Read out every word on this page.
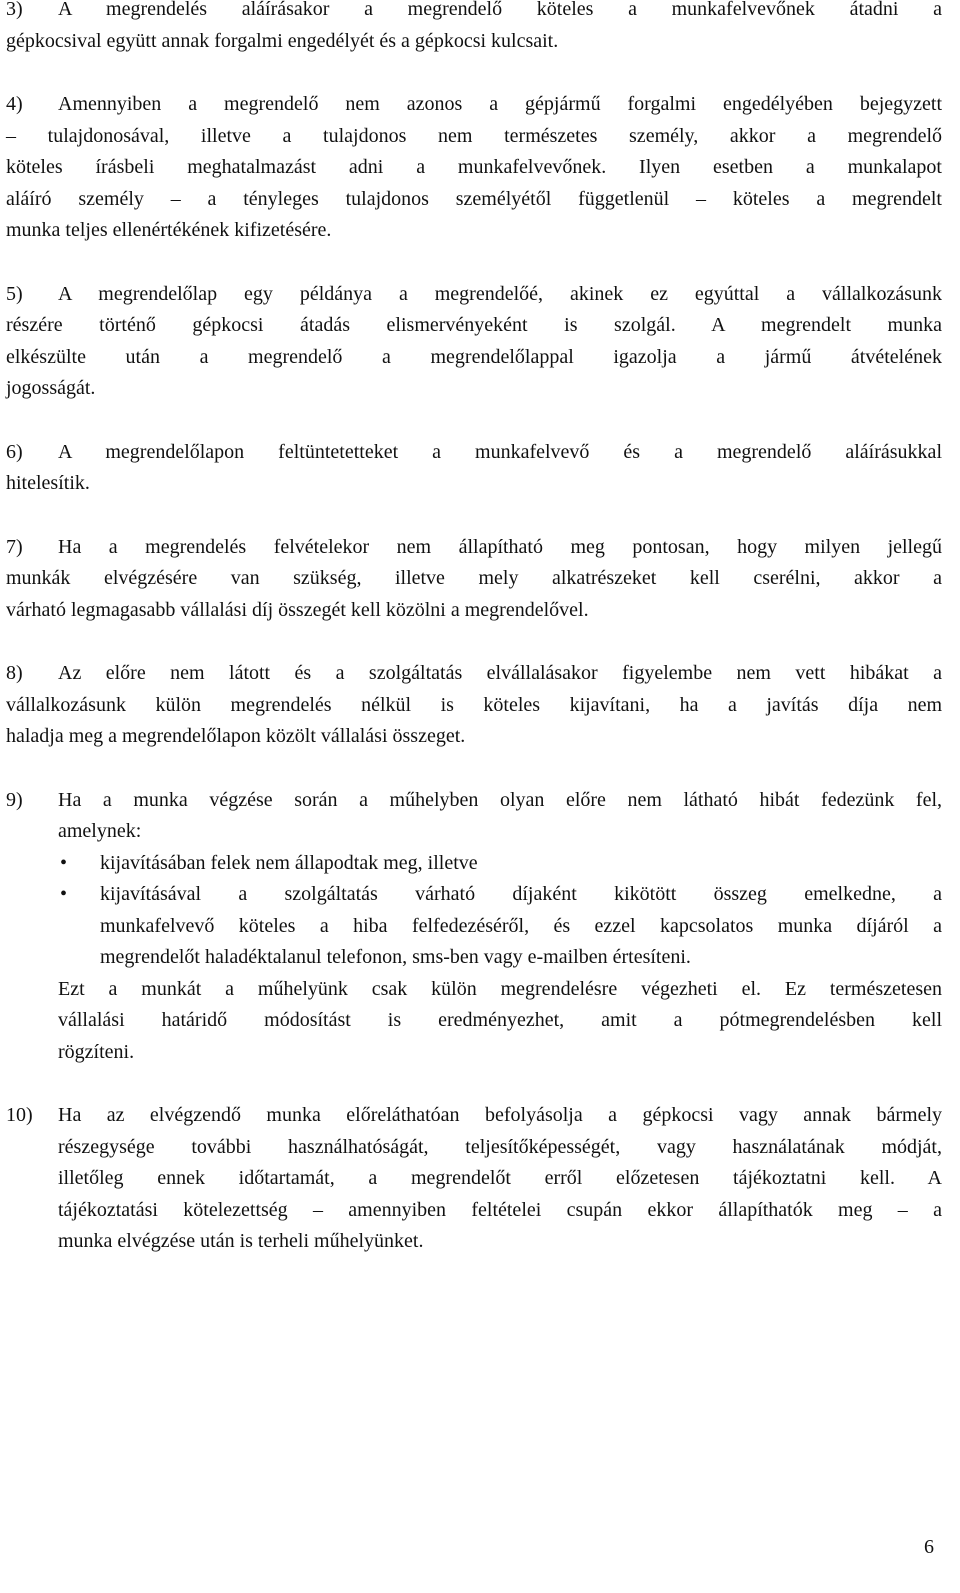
3)	A megrendelés aláírásakor a megrendelő köteles a munkafelvevőnek átadni a
gépkocsival együtt annak forgalmi engedélyét és a gépkocsi kulcsait.
4)	Amennyiben a megrendelő nem azonos a gépjármű forgalmi engedélyében bejegyzett
– tulajdonosával, illetve a tulajdonos nem természetes személy, akkor a megrendelő
köteles írásbeli meghatalmazást adni a munkafelvevőnek. Ilyen esetben a munkalapot
aláíró személy – a tényleges tulajdonos személyétől függetlenül – köteles a megrendelt
munka teljes ellenértékének kifizetésére.
5)	A megrendelőlap egy példánya a megrendelőé, akinek ez egyúttal a vállalkozásunk
részére történő gépkocsi átadás elismervényeként is szolgál. A megrendelt munka
elkészülte után a megrendelő a megrendelőlappal igazolja a jármű átvételének
jogosságát.
6)	A megrendelőlapon feltüntetetteket a munkafelvevő és a megrendelő aláírásukkal
hitelesítik.
7)	Ha a megrendelés felvételekor nem állapítható meg pontosan, hogy milyen jellegű
munkák elvégzésére van szükség, illetve mely alkatrészeket kell cserélni, akkor a
várható legmagasabb vállalási díj összegét kell közölni a megrendelővel.
8)	Az előre nem látott és a szolgáltatás elvállalásakor figyelembe nem vett hibákat a
vállalkozásunk külön megrendelés nélkül is köteles kijavítani, ha a javítás díja nem
haladja meg a megrendelőlapon közölt vállalási összeget.
9)	Ha a munka végzése során a műhelyben olyan előre nem látható hibát fedezünk fel,
amelynek:
•	kijavításában felek nem állapodtak meg, illetve
•	kijavításával a szolgáltatás várható díjaként kikötött összeg emelkedne, a
munkafelvevő köteles a hiba felfedezéséről, és ezzel kapcsolatos munka díjáról a
megrendelőt haladéktalanul telefonon, sms-ben vagy e-mailben értesíteni.
Ezt a munkát a műhelyünk csak külön megrendelésre végezheti el. Ez természetesen
vállalási határidő módosítást is eredményezhet, amit a pótmegrendelésben kell
rögzíteni.
10)	Ha az elvégzendő munka előreláthatóan befolyásolja a gépkocsi vagy annak bármely
részegysége további használhatóságát, teljesítőképességét, vagy használatának módját,
illetőleg ennek időtartamát, a megrendelőt erről előzetesen tájékoztatni kell. A
tájékoztatási kötelezettség – amennyiben feltételei csupán ekkor állapíthatók meg – a
munka elvégzése után is terheli műhelyünket.
6
